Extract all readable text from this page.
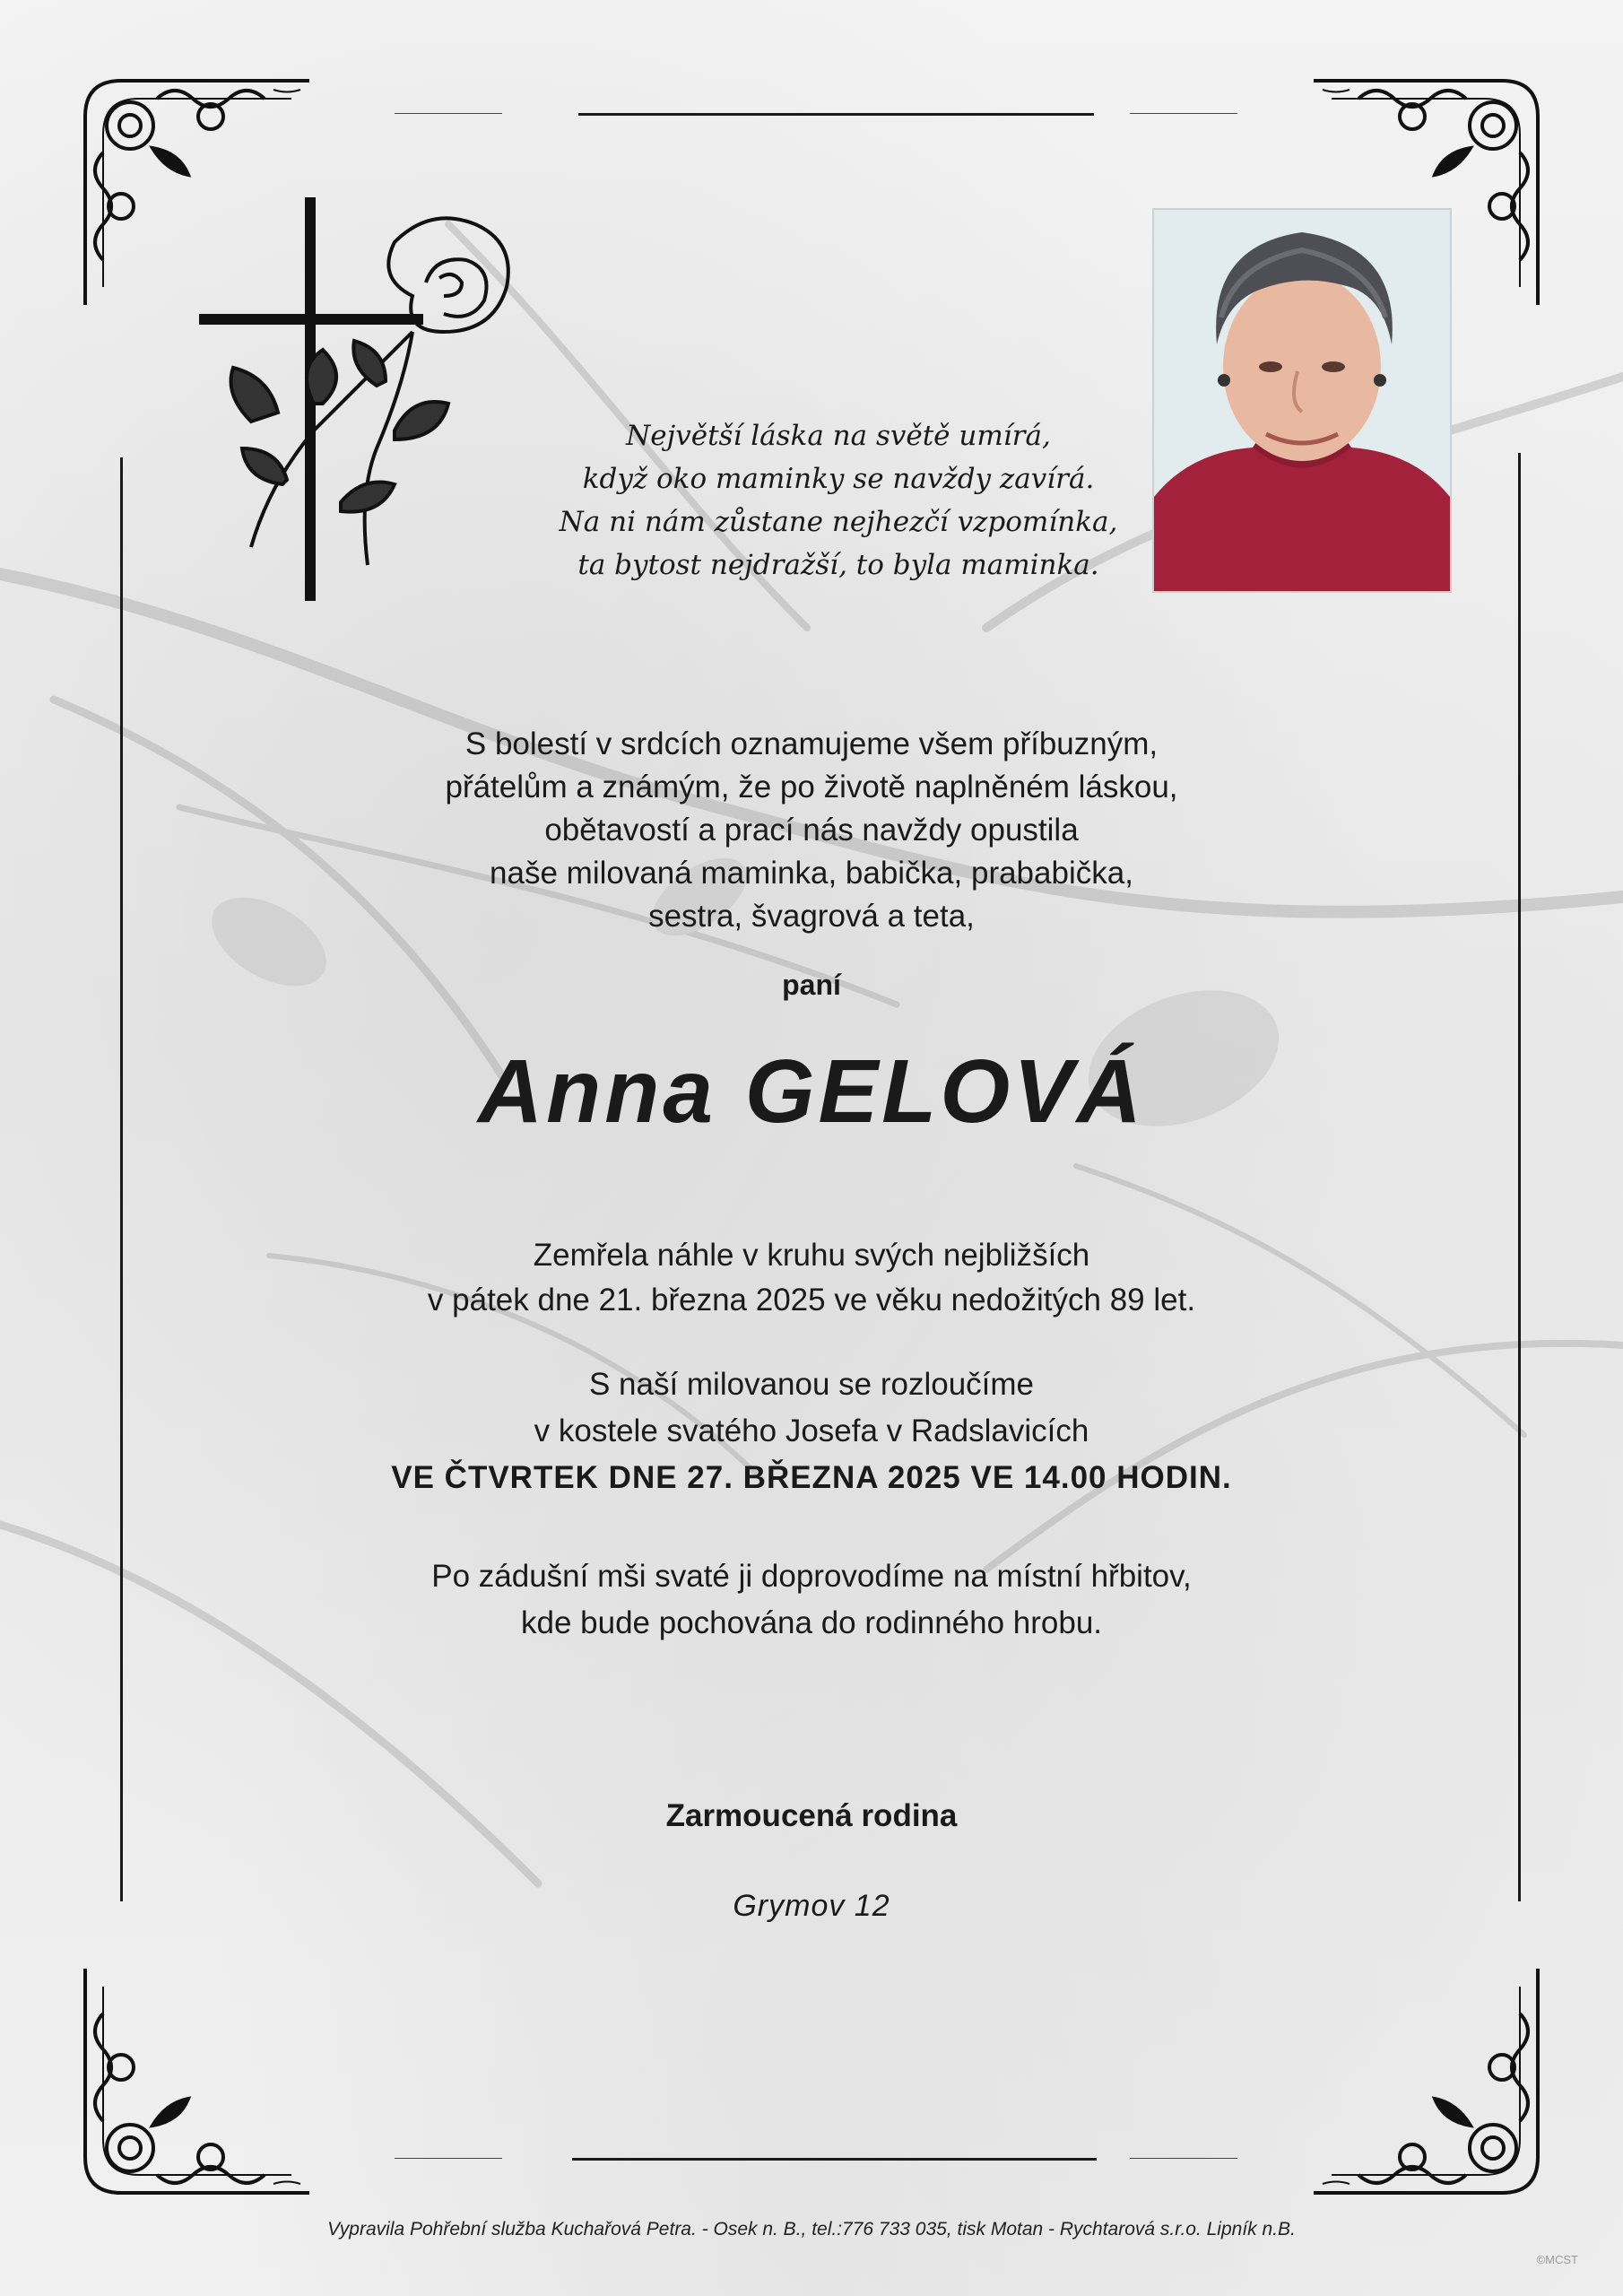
Největší láska na světě umírá,
když oko maminky se navždy zavírá.
Na ni nám zůstane nejhezčí vzpomínka,
ta bytost nejdražší, to byla maminka.
S bolestí v srdcích oznamujeme všem příbuzným,
přátelům a známým, že po životě naplněném láskou,
obětavostí a prací nás navždy opustila
naše milovaná maminka, babička, prababička,
sestra, švagrová a teta,
paní
Anna GELOVÁ
Zemřela náhle v kruhu svých nejbližších
v pátek dne 21. března 2025 ve věku nedožitých 89 let.
S naší milovanou se rozloučíme
v kostele svatého Josefa v Radslavicích
VE ČTVRTEK DNE 27. BŘEZNA 2025 VE 14.00 HODIN.
Po zádušní mši svaté ji doprovodíme na místní hřbitov,
kde bude pochována do rodinného hrobu.
Zarmoucená rodina
Grymov 12
Vypravila Pohřební služba Kuchařová Petra. - Osek n. B., tel.:776 733 035, tisk Motan - Rychtarová s.r.o. Lipník n.B.
©MCST
